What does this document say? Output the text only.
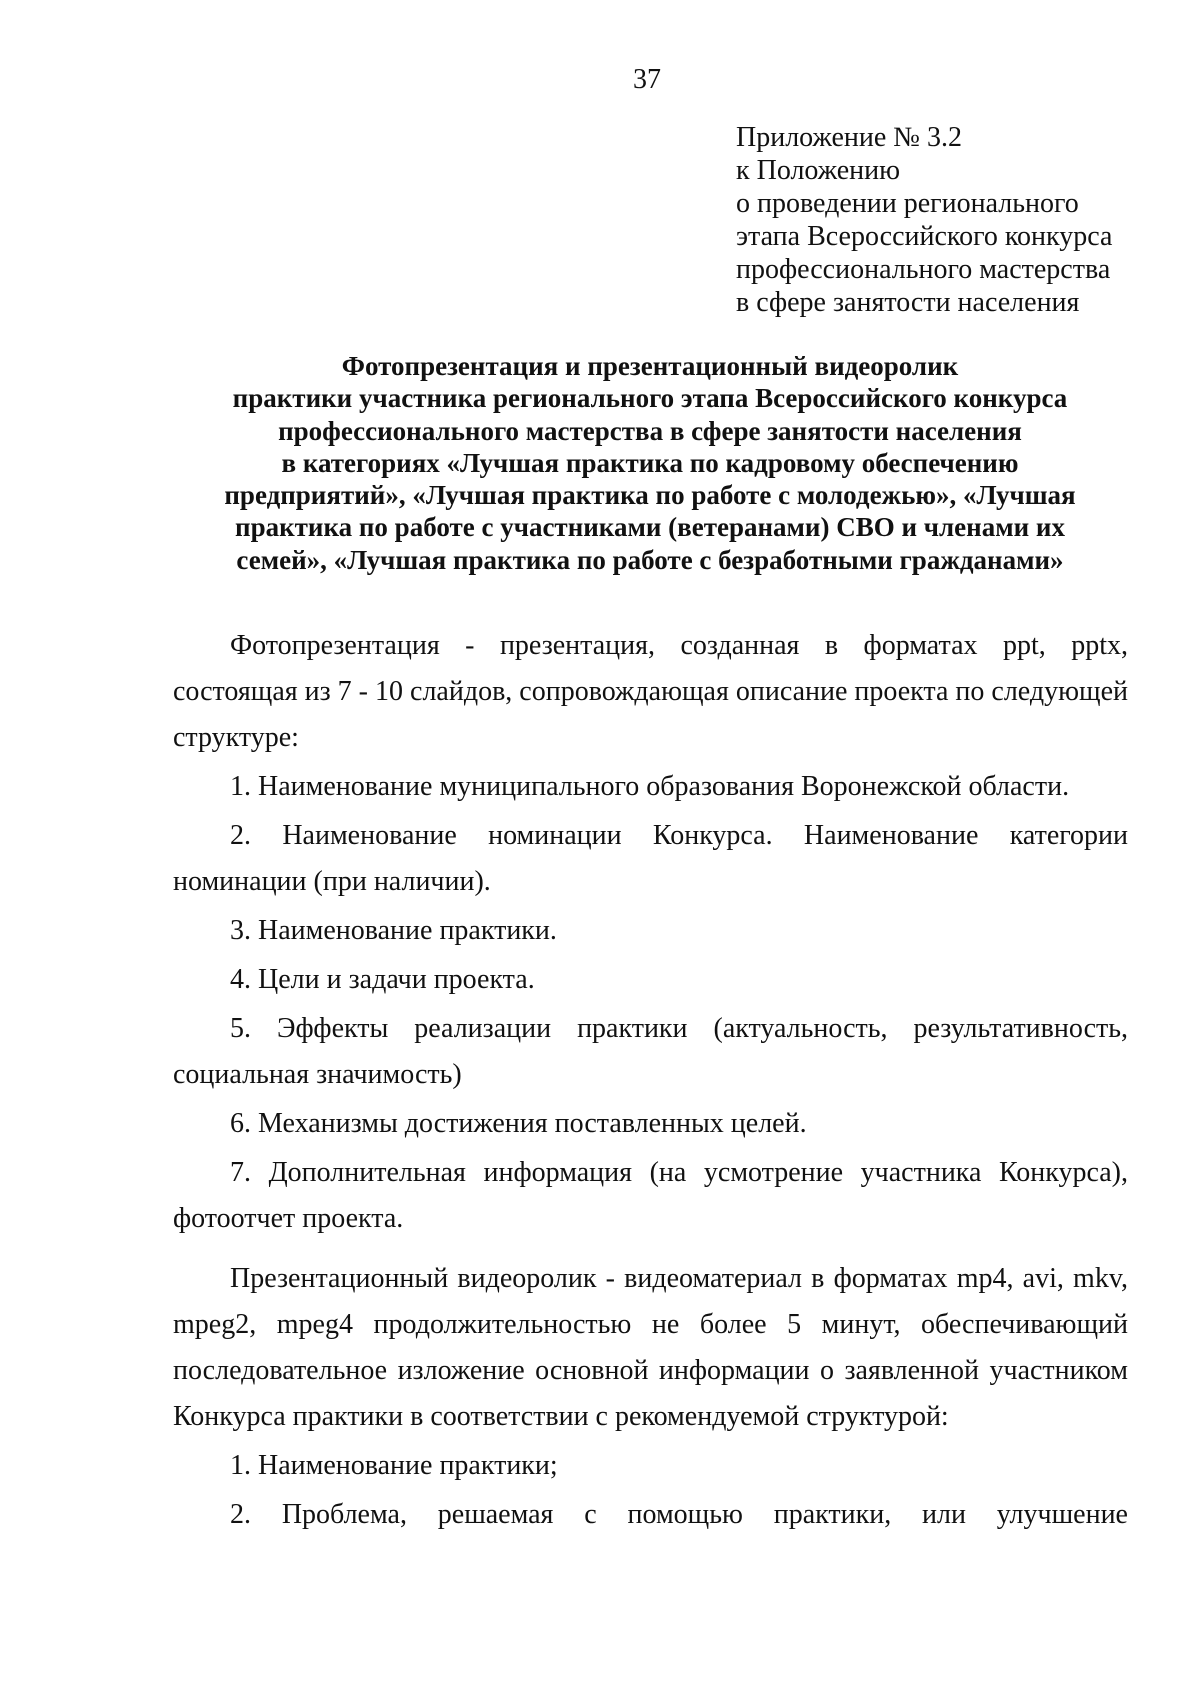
37
Приложение № 3.2
к Положению
о проведении регионального
этапа Всероссийского конкурса
профессионального мастерства
в сфере занятости населения
Фотопрезентация и презентационный видеоролик
практики участника регионального этапа Всероссийского конкурса
профессионального мастерства в сфере занятости населения
в категориях «Лучшая практика по кадровому обеспечению
предприятий», «Лучшая практика по работе с молодежью», «Лучшая
практика по работе с участниками (ветеранами) СВО и членами их
семей», «Лучшая практика по работе с безработными гражданами»

Фотопрезентация - презентация, созданная в форматах ppt, pptx, состоящая из 7 - 10 слайдов, сопровождающая описание проекта по следующей структуре:

1. Наименование муниципального образования Воронежской области.

2. Наименование номинации Конкурса. Наименование категории номинации (при наличии).

3. Наименование практики.

4. Цели и задачи проекта.

5. Эффекты реализации практики (актуальность, результативность, социальная значимость)

6. Механизмы достижения поставленных целей.

7. Дополнительная информация (на усмотрение участника Конкурса), фотоотчет проекта.

Презентационный видеоролик - видеоматериал в форматах mp4, avi, mkv, mpeg2, mpeg4 продолжительностью не более 5 минут, обеспечивающий последовательное изложение основной информации о заявленной участником Конкурса практики в соответствии с рекомендуемой структурой:

1. Наименование практики;

2. Проблема, решаемая с помощью практики, или улучшение
